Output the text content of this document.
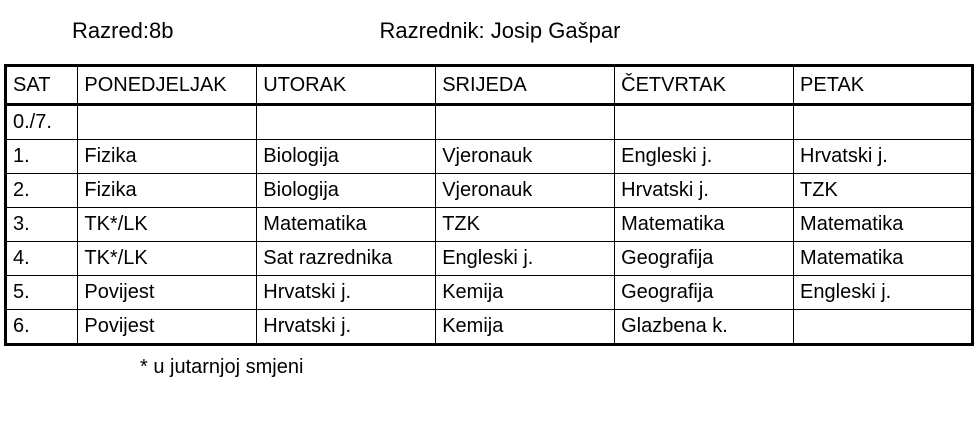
Razred:8b	Razrednik: Josip Gašpar
SAT	PONEDJELJAK	UTORAK	SRIJEDA	ČETVRTAK	PETAK
0./7.					
1.	Fizika	Biologija	Vjeronauk	Engleski j.	Hrvatski j.
2.	Fizika	Biologija	Vjeronauk	Hrvatski j.	TZK
3.	TK*/LK	Matematika	TZK	Matematika	Matematika
4.	TK*/LK	Sat razrednika	Engleski j.	Geografija	Matematika
5.	Povijest	Hrvatski j.	Kemija	Geografija	Engleski j.
6.	Povijest	Hrvatski j.	Kemija	Glazbena k.	
* u jutarnjoj smjeni
